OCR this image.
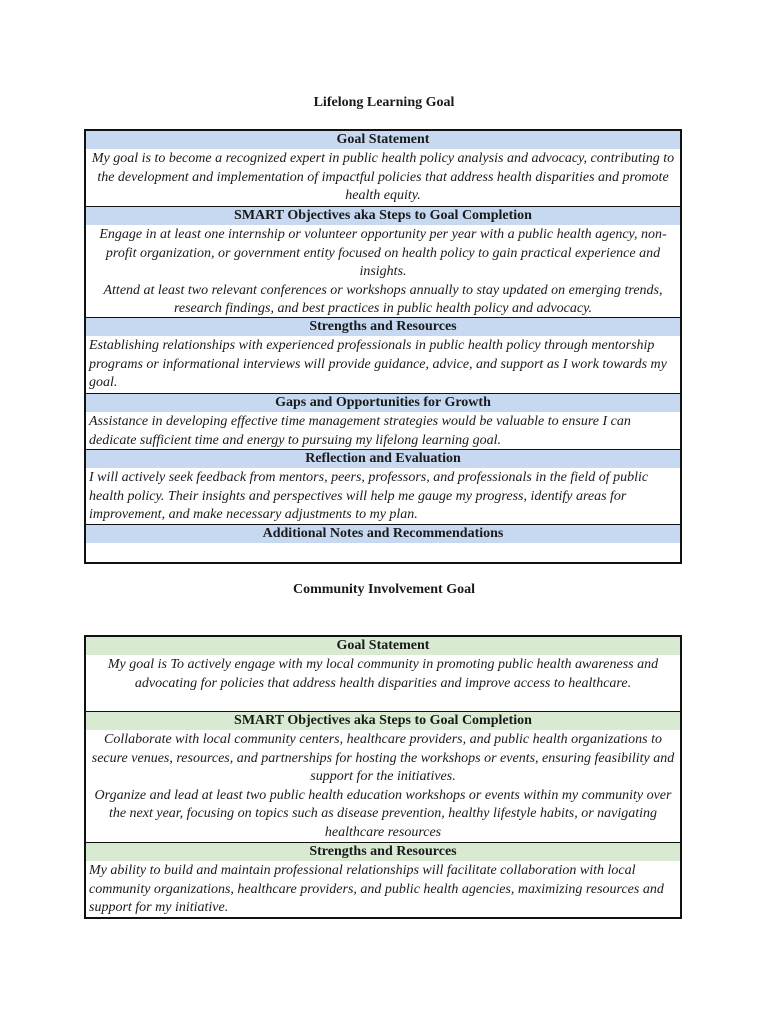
Lifelong Learning Goal
Goal Statement
My goal is to become a recognized expert in public health policy analysis and advocacy, contributing to the development and implementation of impactful policies that address health disparities and promote health equity.
SMART Objectives aka Steps to Goal Completion
Engage in at least one internship or volunteer opportunity per year with a public health agency, non-profit organization, or government entity focused on health policy to gain practical experience and insights.
Attend at least two relevant conferences or workshops annually to stay updated on emerging trends, research findings, and best practices in public health policy and advocacy.
Strengths and Resources
Establishing relationships with experienced professionals in public health policy through mentorship programs or informational interviews will provide guidance, advice, and support as I work towards my goal.
Gaps and Opportunities for Growth
Assistance in developing effective time management strategies would be valuable to ensure I can dedicate sufficient time and energy to pursuing my lifelong learning goal.
Reflection and Evaluation
I will actively seek feedback from mentors, peers, professors, and professionals in the field of public health policy. Their insights and perspectives will help me gauge my progress, identify areas for improvement, and make necessary adjustments to my plan.
Additional Notes and Recommendations
Community Involvement Goal
Goal Statement
My goal is To actively engage with my local community in promoting public health awareness and advocating for policies that address health disparities and improve access to healthcare.
SMART Objectives aka Steps to Goal Completion
Collaborate with local community centers, healthcare providers, and public health organizations to secure venues, resources, and partnerships for hosting the workshops or events, ensuring feasibility and support for the initiatives.
Organize and lead at least two public health education workshops or events within my community over the next year, focusing on topics such as disease prevention, healthy lifestyle habits, or navigating healthcare resources
Strengths and Resources
My ability to build and maintain professional relationships will facilitate collaboration with local community organizations, healthcare providers, and public health agencies, maximizing resources and support for my initiative.
